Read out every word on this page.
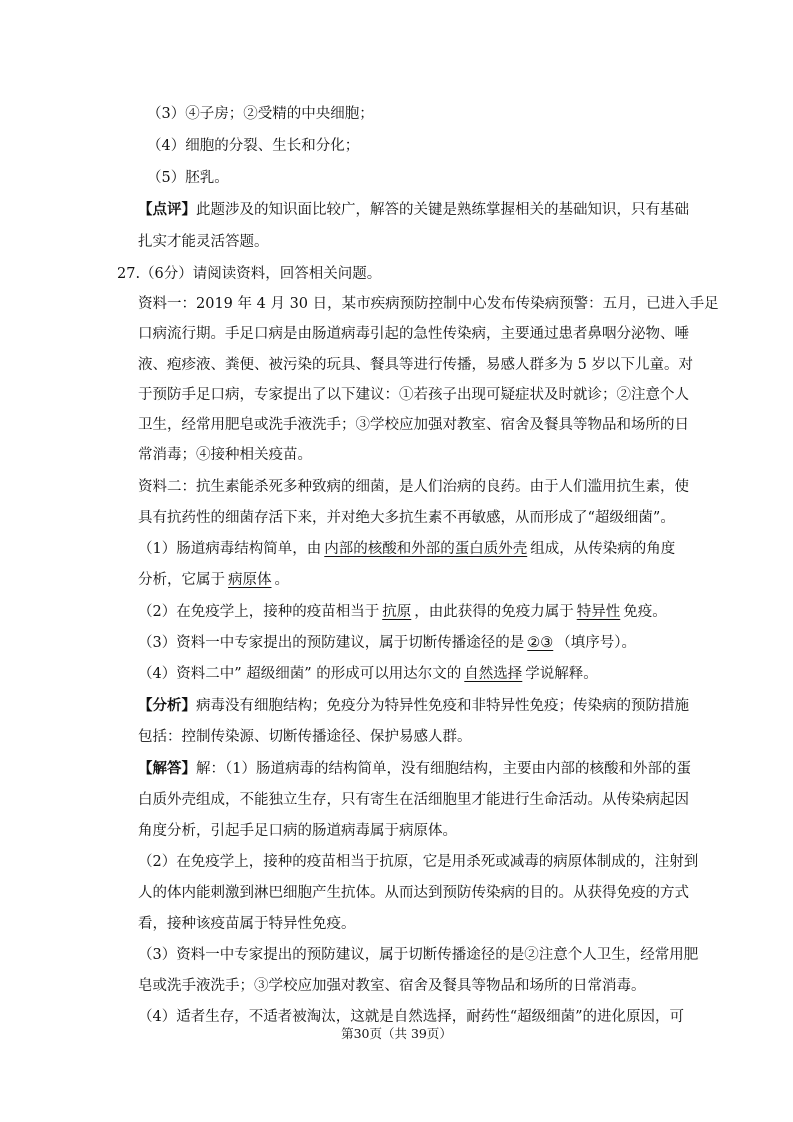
（3）④子房；②受精的中央细胞；
（4）细胞的分裂、生长和分化；
（5）胚乳。
【点评】此题涉及的知识面比较广，解答的关键是熟练掌握相关的基础知识，只有基础
扎实才能灵活答题。
27.（6分）请阅读资料，回答相关问题。
资料一：2019 年 4 月 30 日，某市疾病预防控制中心发布传染病预警：五月，已进入手足
口病流行期。手足口病是由肠道病毒引起的急性传染病，主要通过患者鼻咽分泌物、唾
液、疱疹液、粪便、被污染的玩具、餐具等进行传播，易感人群多为 5 岁以下儿童。对
于预防手足口病，专家提出了以下建议：①若孩子出现可疑症状及时就诊；②注意个人
卫生，经常用肥皂或洗手液洗手；③学校应加强对教室、宿舍及餐具等物品和场所的日
常消毒；④接种相关疫苗。
资料二：抗生素能杀死多种致病的细菌，是人们治病的良药。由于人们滥用抗生素，使
具有抗药性的细菌存活下来，并对绝大多抗生素不再敏感，从而形成了“超级细菌”。
（1）肠道病毒结构简单，由 内部的核酸和外部的蛋白质外壳 组成，从传染病的角度
分析，它属于 病原体 。
（2）在免疫学上，接种的疫苗相当于 抗原 ，由此获得的免疫力属于 特异性 免疫。
（3）资料一中专家提出的预防建议，属于切断传播途径的是 ②③ （填序号）。
（4）资料二中” 超级细菌” 的形成可以用达尔文的 自然选择 学说解释。
【分析】病毒没有细胞结构；免疫分为特异性免疫和非特异性免疫；传染病的预防措施
包括：控制传染源、切断传播途径、保护易感人群。
【解答】解：（1）肠道病毒的结构简单，没有细胞结构，主要由内部的核酸和外部的蛋
白质外壳组成，不能独立生存，只有寄生在活细胞里才能进行生命活动。从传染病起因
角度分析，引起手足口病的肠道病毒属于病原体。
（2）在免疫学上，接种的疫苗相当于抗原，它是用杀死或减毒的病原体制成的，注射到
人的体内能刺激到淋巴细胞产生抗体。从而达到预防传染病的目的。从获得免疫的方式
看，接种该疫苗属于特异性免疫。
（3）资料一中专家提出的预防建议，属于切断传播途径的是②注意个人卫生，经常用肥
皂或洗手液洗手；③学校应加强对教室、宿舍及餐具等物品和场所的日常消毒。
（4）适者生存，不适者被淘汰，这就是自然选择，耐药性“超级细菌”的进化原因，可
第30页（共 39页）
